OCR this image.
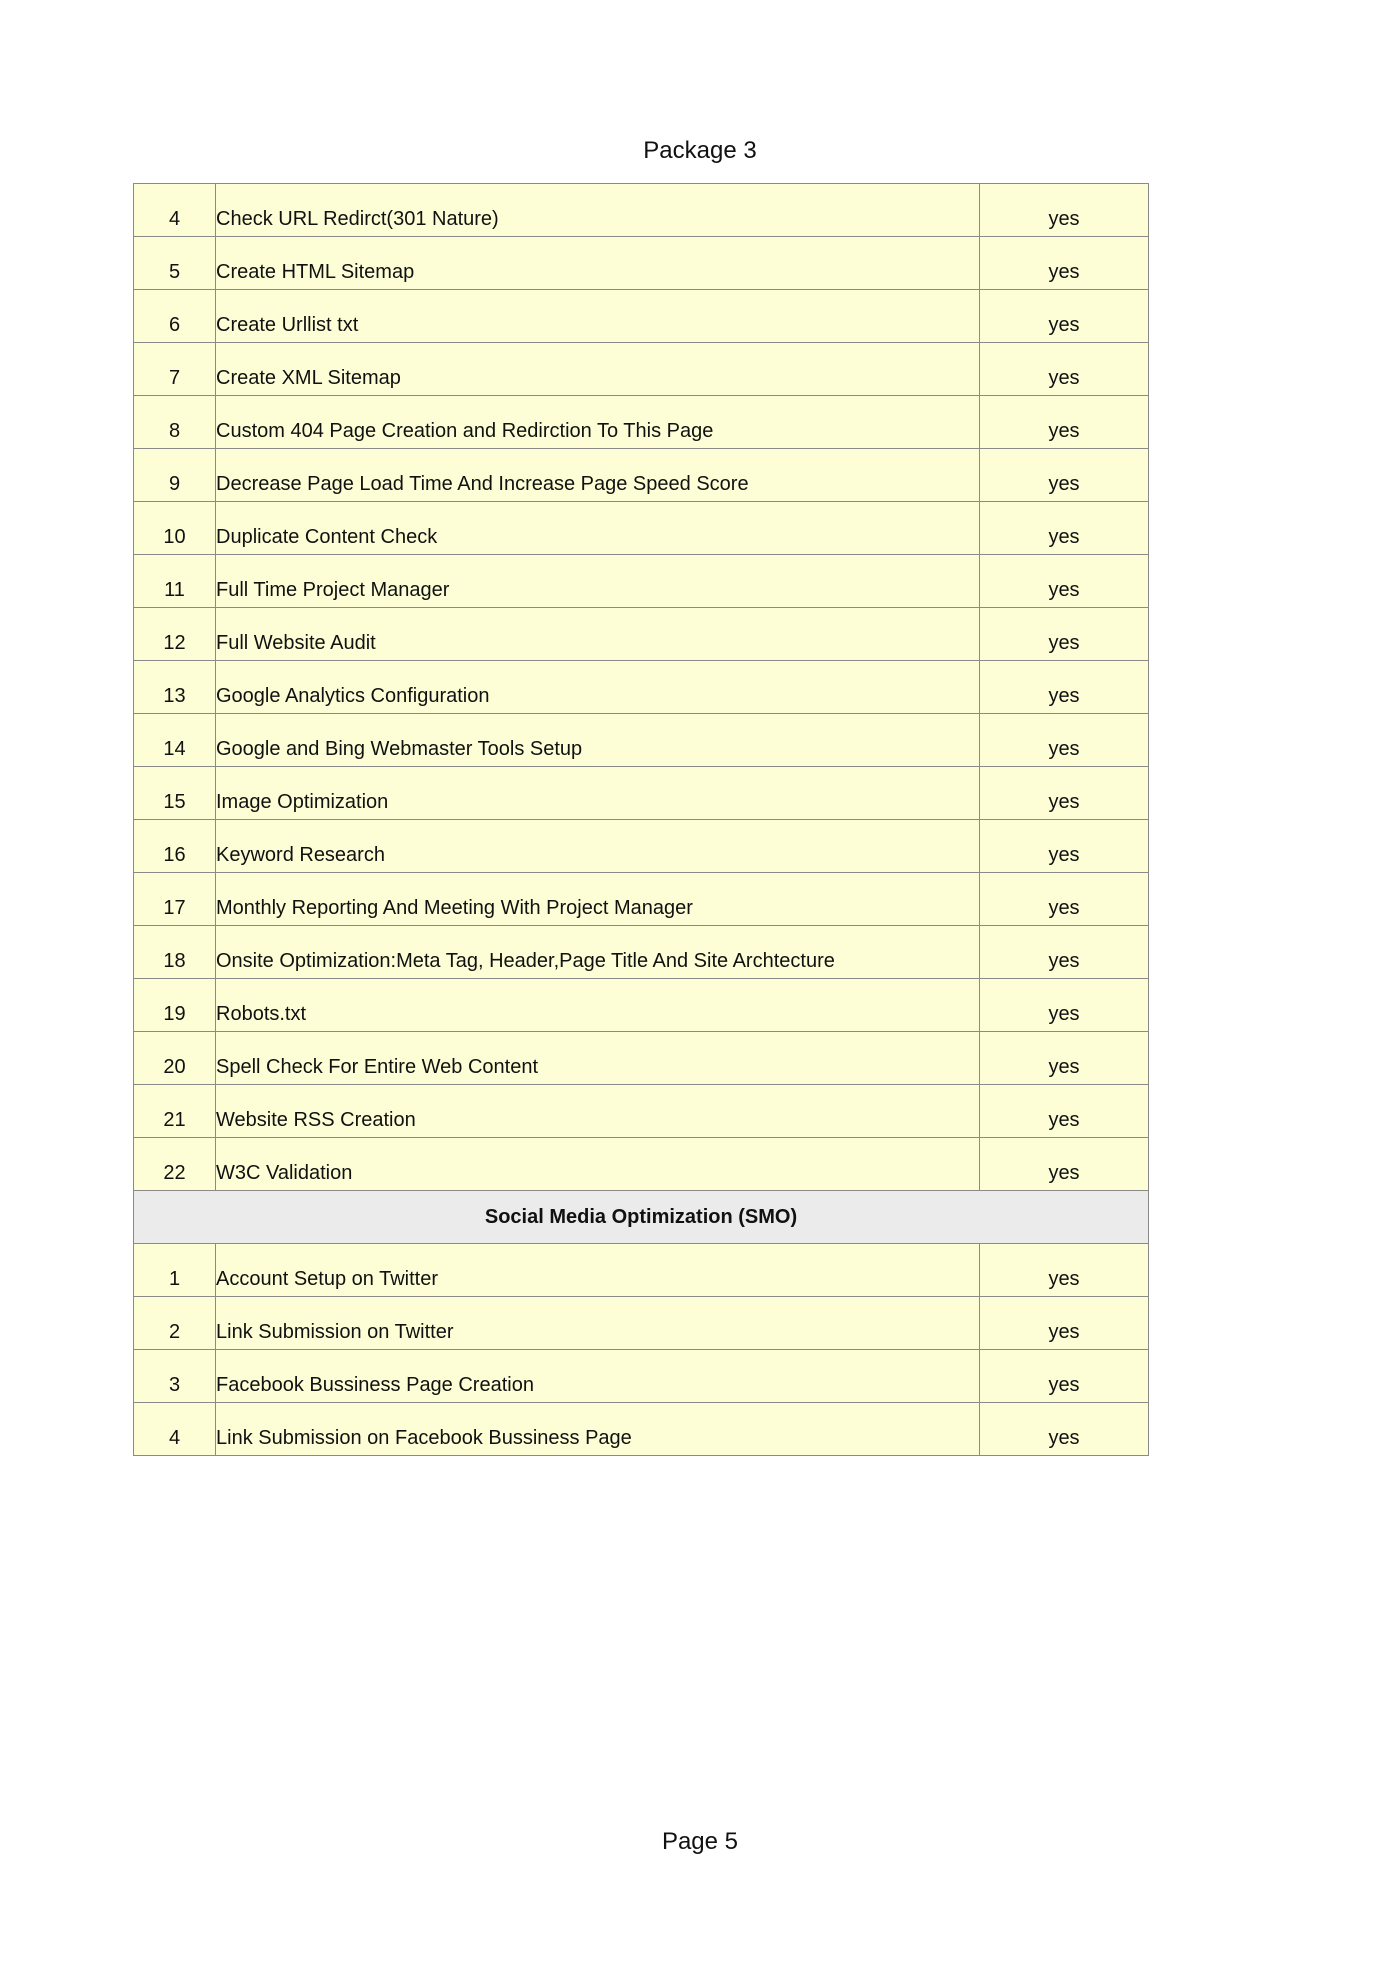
Package 3
4	Check URL Redirct(301 Nature)	yes
5	Create HTML Sitemap	yes
6	Create Urllist txt	yes
7	Create XML Sitemap	yes
8	Custom 404 Page Creation and Redirction To This Page	yes
9	Decrease Page Load Time And Increase Page Speed Score	yes
10	Duplicate Content Check	yes
11	Full Time Project Manager	yes
12	Full Website Audit	yes
13	Google Analytics Configuration	yes
14	Google and Bing Webmaster Tools Setup	yes
15	Image Optimization	yes
16	Keyword Research	yes
17	Monthly Reporting And Meeting With Project Manager	yes
18	Onsite Optimization:Meta Tag, Header,Page Title And Site Archtecture	yes
19	Robots.txt	yes
20	Spell Check For Entire Web Content	yes
21	Website RSS Creation	yes
22	W3C Validation	yes
Social Media Optimization (SMO)		
1	Account Setup on Twitter	yes
2	Link Submission on Twitter	yes
3	Facebook Bussiness Page Creation	yes
4	Link Submission on Facebook Bussiness Page	yes
Page 5
